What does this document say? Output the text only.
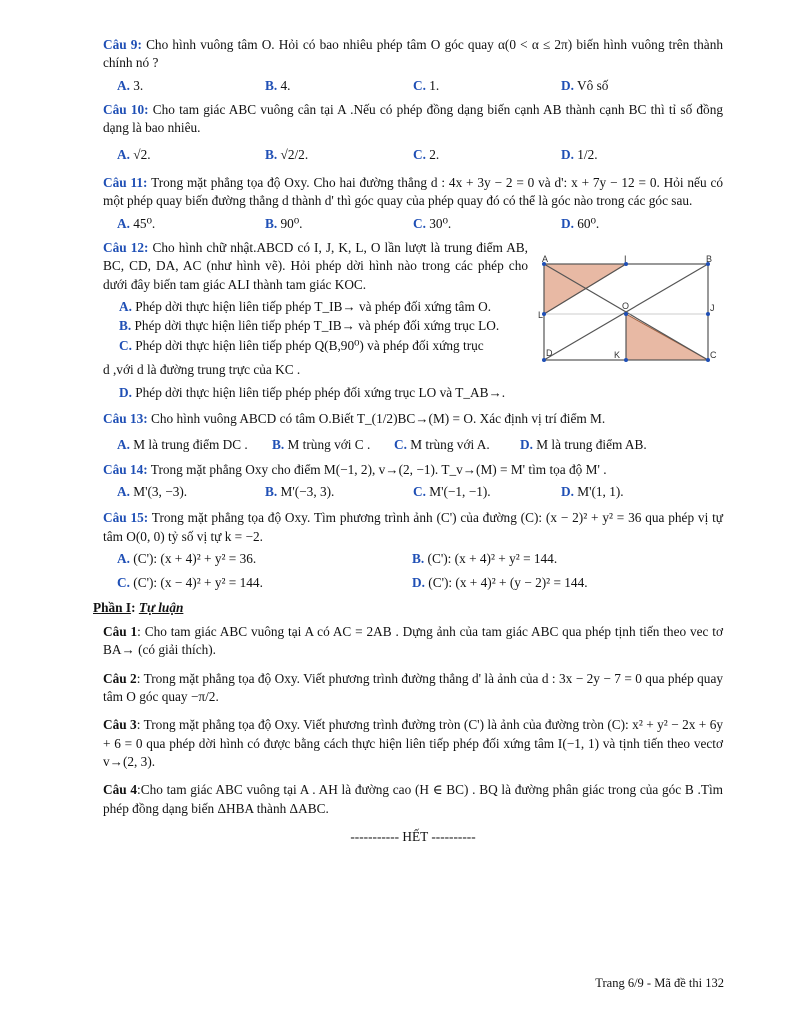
Câu 9: Cho hình vuông tâm O. Hỏi có bao nhiêu phép tâm O góc quay α(0 < α ≤ 2π) biến hình vuông trên thành chính nó ?
A. 3.	B. 4.	C. 1.	D. Vô số
Câu 10: Cho tam giác ABC vuông cân tại A .Nếu có phép đồng dạng biến cạnh AB thành cạnh BC thì tỉ số đồng dạng là bao nhiêu.
A. √2.	B. √2/2.	C. 2.	D. 1/2.
Câu 11: Trong mặt phẳng tọa độ Oxy. Cho hai đường thẳng d : 4x + 3y − 2 = 0 và d': x + 7y − 12 = 0. Hỏi nếu có một phép quay biến đường thẳng d thành d' thì góc quay của phép quay đó có thể là góc nào trong các góc sau.
A. 45⁰.	B. 90⁰.	C. 30⁰.	D. 60⁰.
Câu 12: Cho hình chữ nhật.ABCD có I, J, K, L, O lần lượt là trung điểm AB, BC, CD, DA, AC (như hình vẽ). Hỏi phép dời hình nào trong các phép cho dưới đây biến tam giác ALI thành tam giác KOC.
A. Phép dời thực hiện liên tiếp phép T_IB→ và phép đối xứng tâm O.
B. Phép dời thực hiện liên tiếp phép T_IB→ và phép đối xứng trục LO.
C. Phép dời thực hiện liên tiếp phép Q(B,90⁰) và phép đối xứng trục
d ,với d là đường trung trực của KC .
D. Phép dời thực hiện liên tiếp phép phép đối xứng trục LO và T_AB→.
Câu 13: Cho hình vuông ABCD có tâm O.Biết T_(1/2)BC→(M) = O. Xác định vị trí điểm M.
A. M là trung điểm DC .	B. M trùng với C .	C. M trùng với A.	D. M là trung điểm AB.
Câu 14: Trong mặt phẳng Oxy cho điểm M(−1, 2), v→(2, −1). T_v→(M) = M' tìm tọa độ M' .
A. M'(3, −3).	B. M'(−3, 3).	C. M'(−1, −1).	D. M'(1, 1).
Câu 15: Trong mặt phẳng tọa độ Oxy. Tìm phương trình ảnh (C') của đường (C): (x − 2)² + y² = 36 qua phép vị tự tâm O(0, 0) tỷ số vị tự k = −2.
A. (C'): (x + 4)² + y² = 36.	B. (C'): (x + 4)² + y² = 144.
C. (C'): (x − 4)² + y² = 144.	D. (C'): (x + 4)² + (y − 2)² = 144.
Phần I: Tự luận
Câu 1: Cho tam giác ABC vuông tại A có AC = 2AB . Dựng ảnh của tam giác ABC qua phép tịnh tiến theo vec tơ BA→ (có giải thích).
Câu 2: Trong mặt phẳng tọa độ Oxy. Viết phương trình đường thẳng d' là ảnh của d : 3x − 2y − 7 = 0 qua phép quay tâm O góc quay −π/2.
Câu 3: Trong mặt phẳng tọa độ Oxy. Viết phương trình đường tròn (C') là ảnh của đường tròn (C): x² + y² − 2x + 6y + 6 = 0 qua phép dời hình có được bằng cách thực hiện liên tiếp phép đối xứng tâm I(−1, 1) và tịnh tiến theo vectơ v→(2, 3).
Câu 4:Cho tam giác ABC vuông tại A . AH là đường cao (H ∈ BC) . BQ là đường phân giác trong của góc B .Tìm phép đồng dạng biến ΔHBA thành ΔABC.
----------- HẾT ----------
A	I	B
L
O	J
D	K	C
Trang 6/9 - Mã đề thi 132
